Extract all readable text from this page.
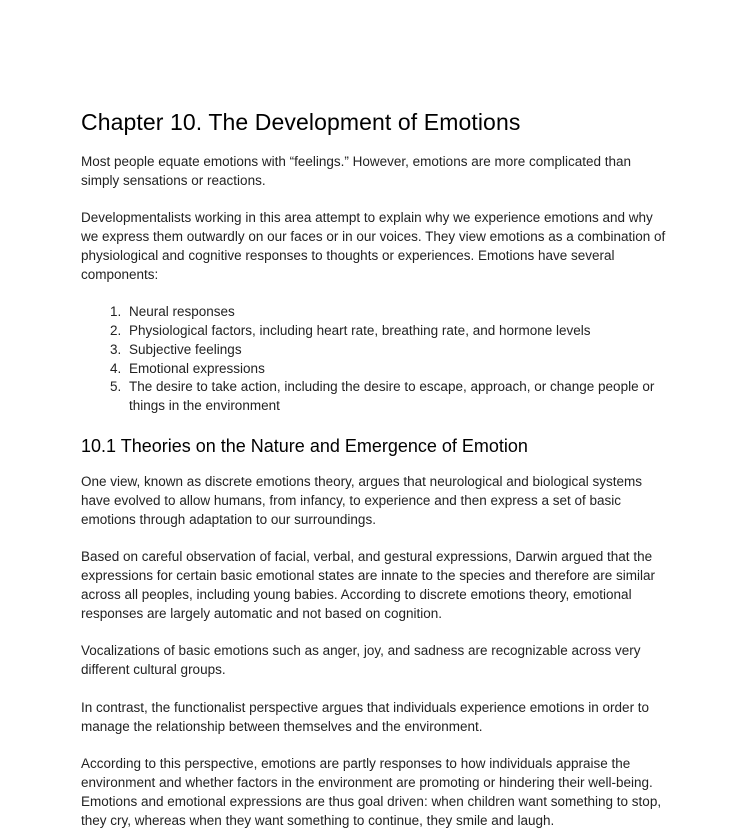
Chapter 10. The Development of Emotions

Most people equate emotions with “feelings.” However, emotions are more complicated than simply sensations or reactions.

Developmentalists working in this area attempt to explain why we experience emotions and why we express them outwardly on our faces or in our voices. They view emotions as a combination of physiological and cognitive responses to thoughts or experiences. Emotions have several components:

1. Neural responses
2. Physiological factors, including heart rate, breathing rate, and hormone levels
3. Subjective feelings
4. Emotional expressions
5. The desire to take action, including the desire to escape, approach, or change people or things in the environment
10.1 Theories on the Nature and Emergence of Emotion

One view, known as discrete emotions theory, argues that neurological and biological systems have evolved to allow humans, from infancy, to experience and then express a set of basic emotions through adaptation to our surroundings.

Based on careful observation of facial, verbal, and gestural expressions, Darwin argued that the expressions for certain basic emotional states are innate to the species and therefore are similar across all peoples, including young babies. According to discrete emotions theory, emotional responses are largely automatic and not based on cognition.

Vocalizations of basic emotions such as anger, joy, and sadness are recognizable across very different cultural groups.

In contrast, the functionalist perspective argues that individuals experience emotions in order to manage the relationship between themselves and the environment.

According to this perspective, emotions are partly responses to how individuals appraise the environment and whether factors in the environment are promoting or hindering their well-being. Emotions and emotional expressions are thus goal driven: when children want something to stop, they cry, whereas when they want something to continue, they smile and laugh.
